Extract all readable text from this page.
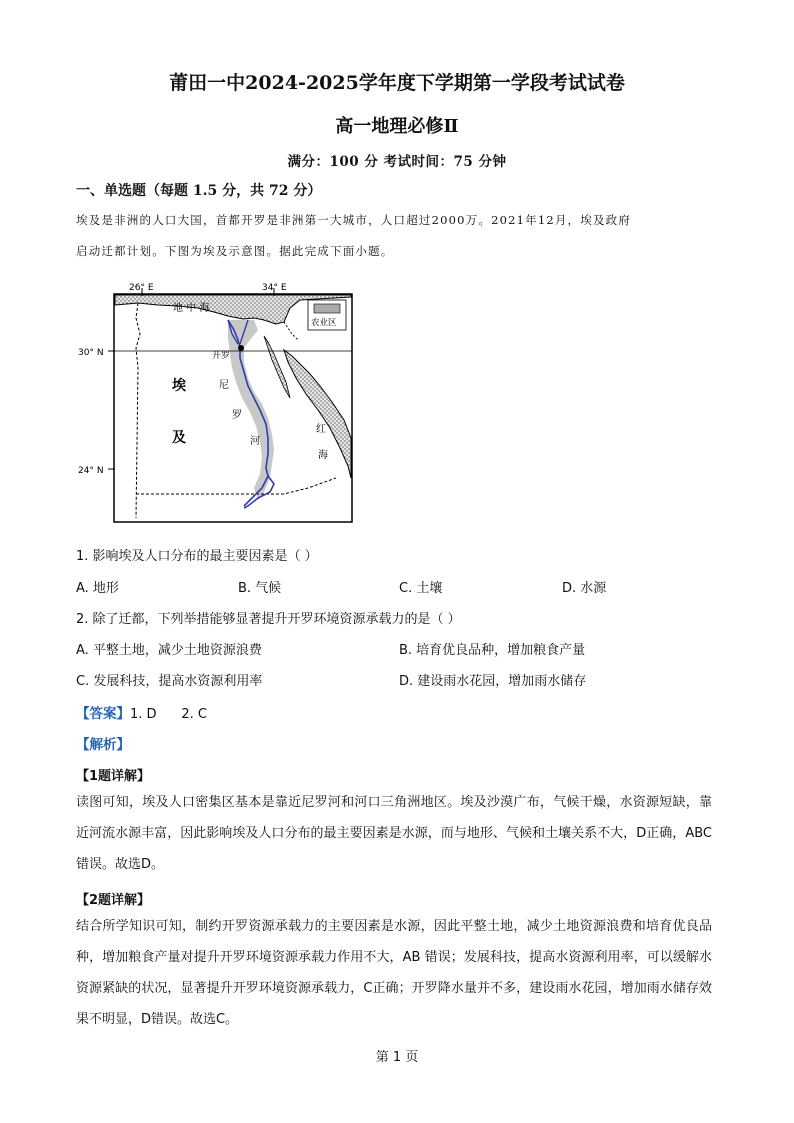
莆田一中2024-2025学年度下学期第一学段考试试卷
高一地理必修Ⅱ
满分：100 分 考试时间：75 分钟
一、单选题（每题 1.5 分，共 72 分）
埃及是非洲的人口大国，首都开罗是非洲第一大城市，人口超过2000万。2021年12月，埃及政府
启动迁都计划。下图为埃及示意图。据此完成下面小题。
26° E	34° E
30° N
24° N
地 中 海
农业区
开罗
埃
及
尼
罗
河
红
海
1. 影响埃及人口分布的最主要因素是（ ）
A. 地形	B. 气候	C. 土壤	D. 水源
2. 除了迁都，下列举措能够显著提升开罗环境资源承载力的是（ ）
A. 平整土地，减少土地资源浪费	B. 培育优良品种，增加粮食产量
C. 发展科技，提高水资源利用率	D. 建设雨水花园，增加雨水储存
【答案】1. D      2. C
【解析】
【1题详解】
读图可知，埃及人口密集区基本是靠近尼罗河和河口三角洲地区。埃及沙漠广布，气候干燥，水资源短缺，靠近河流水源丰富，因此影响埃及人口分布的最主要因素是水源，而与地形、气候和土壤关系不大，D正确，ABC 错误。故选D。
【2题详解】
结合所学知识可知，制约开罗资源承载力的主要因素是水源，因此平整土地，减少土地资源浪费和培育优良品种，增加粮食产量对提升开罗环境资源承载力作用不大，AB 错误；发展科技，提高水资源利用率，可以缓解水资源紧缺的状况，显著提升开罗环境资源承载力，C正确；开罗降水量并不多，建设雨水花园，增加雨水储存效果不明显，D错误。故选C。
第 1 页
